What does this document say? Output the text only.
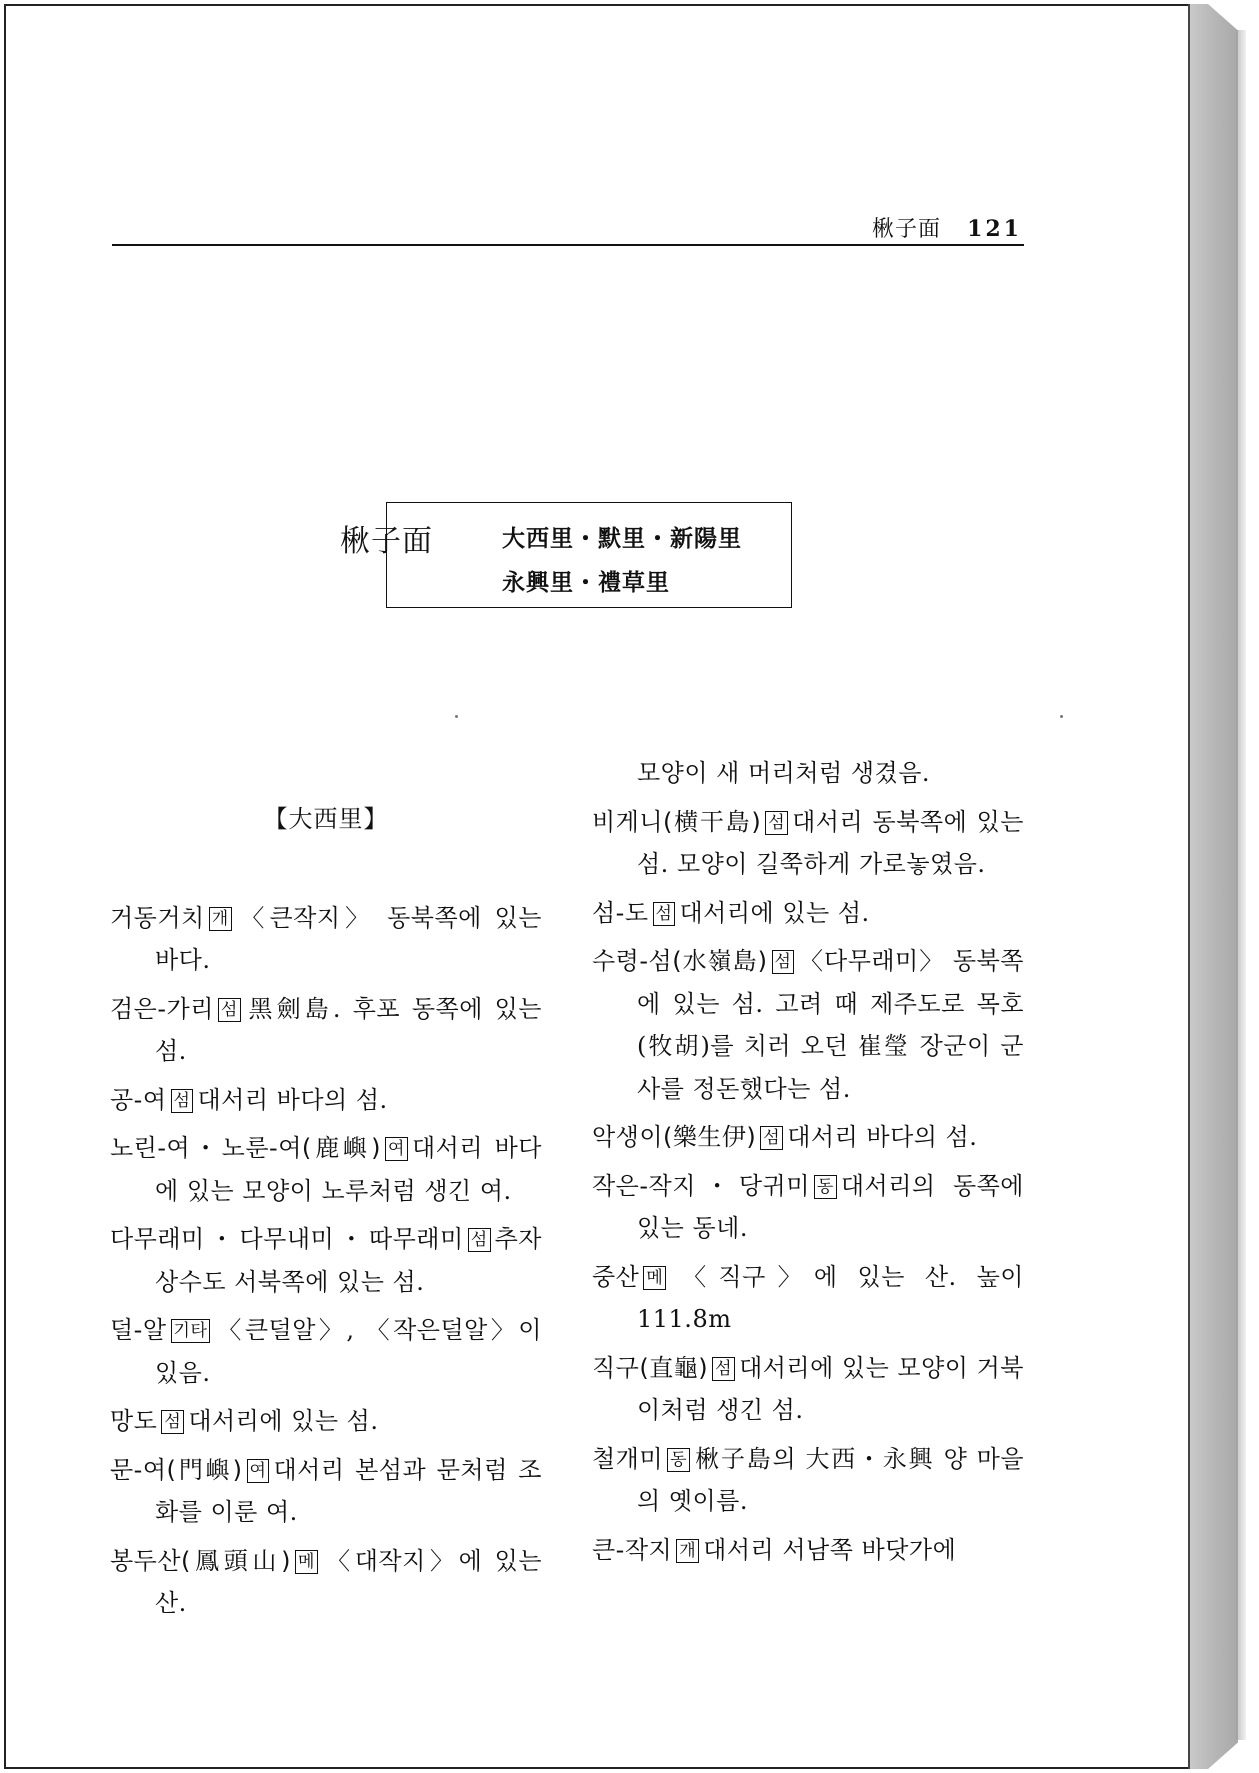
楸子面 121
楸子面	大西里・默里・新陽里
永興里・禮草里
【大西里】

거동거치 개 〈큰작지〉 동북쪽에 있는 바다.

검은-가리 섬 黑劍島. 후포 동쪽에 있는 섬.

공-여 섬 대서리 바다의 섬.

노린-여・노룬-여(鹿嶼) 여 대서리 바다에 있는 모양이 노루처럼 생긴 여.

다무래미・다무내미・따무래미 섬 추자 상수도 서북쪽에 있는 섬.

덜-알 기타 〈큰덜알〉, 〈작은덜알〉이 있음.

망도 섬 대서리에 있는 섬.

문-여(門嶼) 여 대서리 본섬과 문처럼 조화를 이룬 여.

봉두산(鳳頭山) 메 〈대작지〉에 있는 산.

모양이 새 머리처럼 생겼음.

비게니(横干島) 섬 대서리 동북쪽에 있는 섬. 모양이 길쭉하게 가로놓였음.

섬-도 섬 대서리에 있는 섬.

수령-섬(水嶺島) 섬 〈다무래미〉 동북쪽에 있는 섬. 고려 때 제주도로 목호(牧胡)를 치러 오던 崔瑩 장군이 군사를 정돈했다는 섬.

악생이(樂生伊) 섬 대서리 바다의 섬.

작은-작지・당귀미 동 대서리의 동쪽에 있는 동네.

중산 메 〈직구〉에 있는 산. 높이 111.8m

직구(直龜) 섬 대서리에 있는 모양이 거북이처럼 생긴 섬.

철개미 동 楸子島의 大西・永興 양 마을의 옛이름.

큰-작지 개 대서리 서남쪽 바닷가에
